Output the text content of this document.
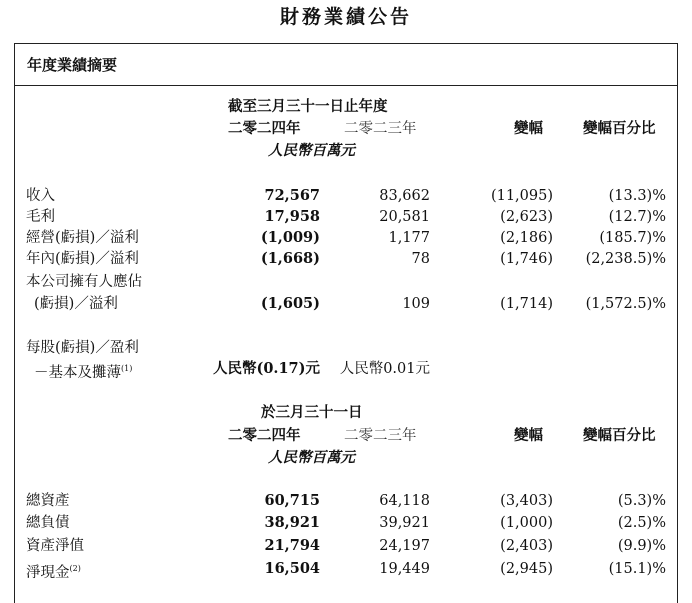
財務業績公告
年度業績摘要
截至三月三十一日止年度
二零二四年	二零二三年
人民幣百萬元
變幅	變幅百分比
收入	72,567	83,662	(11,095)	(13.3)%
毛利	17,958	20,581	(2,623)	(12.7)%
經營(虧損)／溢利	(1,009)	1,177	(2,186)	(185.7)%
年內(虧損)／溢利	(1,668)	78	(1,746)	(2,238.5)%
本公司擁有人應佔
(虧損)／溢利	(1,605)	109	(1,714)	(1,572.5)%
每股(虧損)／盈利
－基本及攤薄$^{(1)}$	人民幣(0.17)元	人民幣0.01元
於三月三十一日
二零二四年	二零二三年
人民幣百萬元
變幅	變幅百分比
總資產	60,715	64,118	(3,403)	(5.3)%
總負債	38,921	39,921	(1,000)	(2.5)%
資產淨值	21,794	24,197	(2,403)	(9.9)%
淨現金$^{(2)}$	16,504	19,449	(2,945)	(15.1)%
